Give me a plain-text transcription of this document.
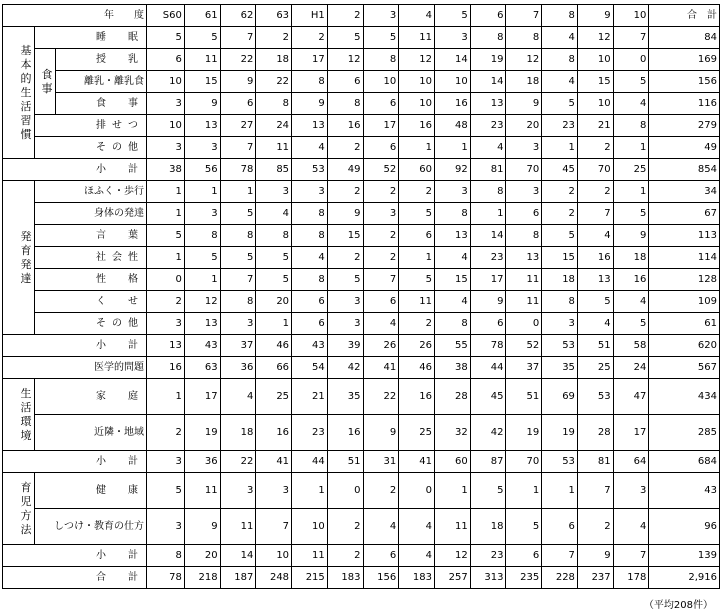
年　　度			S60	61	62	63	H1	2	3	4	5	6	7	8	9	10	合　計
基本的生活習慣	睡　眠		5	5	7	2	2	5	5	11	3	8	8	4	12	7	84
	食事	授　乳	6	11	22	18	17	12	8	12	14	19	12	8	10	0	169
		離乳・離乳食	10	15	9	22	8	6	10	10	10	14	18	4	15	5	156
		食　事	3	9	6	8	9	8	6	10	16	13	9	5	10	4	116
	排せつ		10	13	27	24	13	16	17	16	48	23	20	23	21	8	279
	その他		3	3	7	11	4	2	6	1	1	4	3	1	2	1	49
小　計			38	56	78	85	53	49	52	60	92	81	70	45	70	25	854
発育発達	ほふく・歩行		1	1	1	3	3	2	2	2	3	8	3	2	2	1	34
	身体の発達		1	3	5	4	8	9	3	5	8	1	6	2	7	5	67
	言　葉		5	8	8	8	8	15	2	6	13	14	8	5	4	9	113
	社会性		1	5	5	5	4	2	2	1	4	23	13	15	16	18	114
	性　格		0	1	7	5	8	5	7	5	15	17	11	18	13	16	128
	く　せ		2	12	8	20	6	3	6	11	4	9	11	8	5	4	109
	その他		3	13	3	1	6	3	4	2	8	6	0	3	4	5	61
小　計			13	43	37	46	43	39	26	26	55	78	52	53	51	58	620
医学的問題			16	63	36	66	54	42	41	46	38	44	37	35	25	24	567
生活環境	家　庭		1	17	4	25	21	35	22	16	28	45	51	69	53	47	434
	近隣・地域		2	19	18	16	23	16	9	25	32	42	19	19	28	17	285
小　計			3	36	22	41	44	51	31	41	60	87	70	53	81	64	684
育児方法	健　康		5	11	3	3	1	0	2	0	1	5	1	1	7	3	43
	しつけ・教育の仕方		3	9	11	7	10	2	4	4	11	18	5	6	2	4	96
小　計			8	20	14	10	11	2	6	4	12	23	6	7	9	7	139
合　計			78	218	187	248	215	183	156	183	257	313	235	228	237	178	2,916
（平均208件）
